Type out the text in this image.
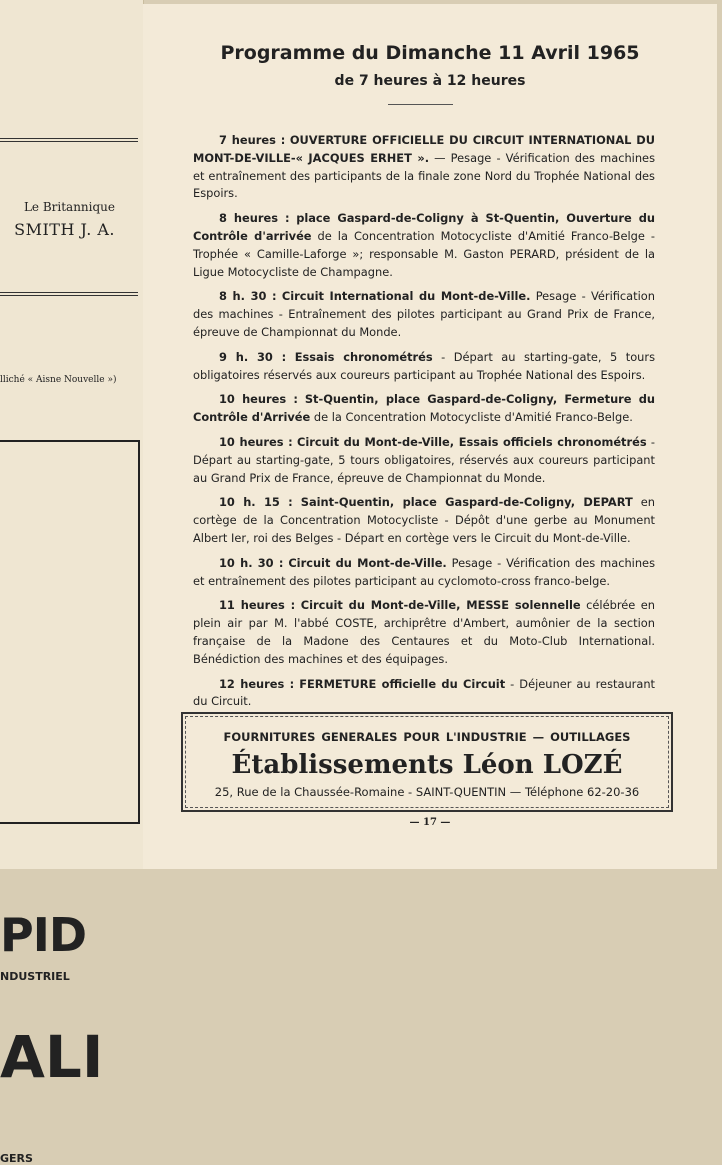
Le Britannique
SMITH J. A.
lliché « Aisne Nouvelle »)
PID
NDUSTRIEL
ALI
GERS
Programme du Dimanche 11 Avril 1965
de 7 heures à 12 heures

7 heures : OUVERTURE OFFICIELLE DU CIRCUIT INTERNATIONAL DU MONT-DE-VILLE-« JACQUES ERHET ». — Pesage - Vérification des machines et entraînement des participants de la finale zone Nord du Trophée National des Espoirs.

8 heures : place Gaspard-de-Coligny à St-Quentin, Ouverture du Contrôle d'arrivée de la Concentration Motocycliste d'Amitié Franco-Belge - Trophée « Camille-Laforge »; responsable M. Gaston PERARD, président de la Ligue Motocycliste de Champagne.

8 h. 30 : Circuit International du Mont-de-Ville. Pesage - Vérification des machines - Entraînement des pilotes participant au Grand Prix de France, épreuve de Championnat du Monde.

9 h. 30 : Essais chronométrés - Départ au starting-gate, 5 tours obligatoires réservés aux coureurs participant au Trophée National des Espoirs.

10 heures : St-Quentin, place Gaspard-de-Coligny, Fermeture du Contrôle d'Arrivée de la Concentration Motocycliste d'Amitié Franco-Belge.

10 heures : Circuit du Mont-de-Ville, Essais officiels chronométrés - Départ au starting-gate, 5 tours obligatoires, réservés aux coureurs participant au Grand Prix de France, épreuve de Championnat du Monde.

10 h. 15 : Saint-Quentin, place Gaspard-de-Coligny, DEPART en cortège de la Concentration Motocycliste - Dépôt d'une gerbe au Monument Albert Ier, roi des Belges - Départ en cortège vers le Circuit du Mont-de-Ville.

10 h. 30 : Circuit du Mont-de-Ville. Pesage - Vérification des machines et entraînement des pilotes participant au cyclomoto-cross franco-belge.

11 heures : Circuit du Mont-de-Ville, MESSE solennelle célébrée en plein air par M. l'abbé COSTE, archiprêtre d'Ambert, aumônier de la section française de la Madone des Centaures et du Moto-Club International. Bénédiction des machines et des équipages.

12 heures : FERMETURE officielle du Circuit - Déjeuner au restaurant du Circuit.

FOURNITURES GENERALES POUR L'INDUSTRIE — OUTILLAGES
Établissements Léon LOZÉ
25, Rue de la Chaussée-Romaine - SAINT-QUENTIN — Téléphone 62-20-36
— 17 —
